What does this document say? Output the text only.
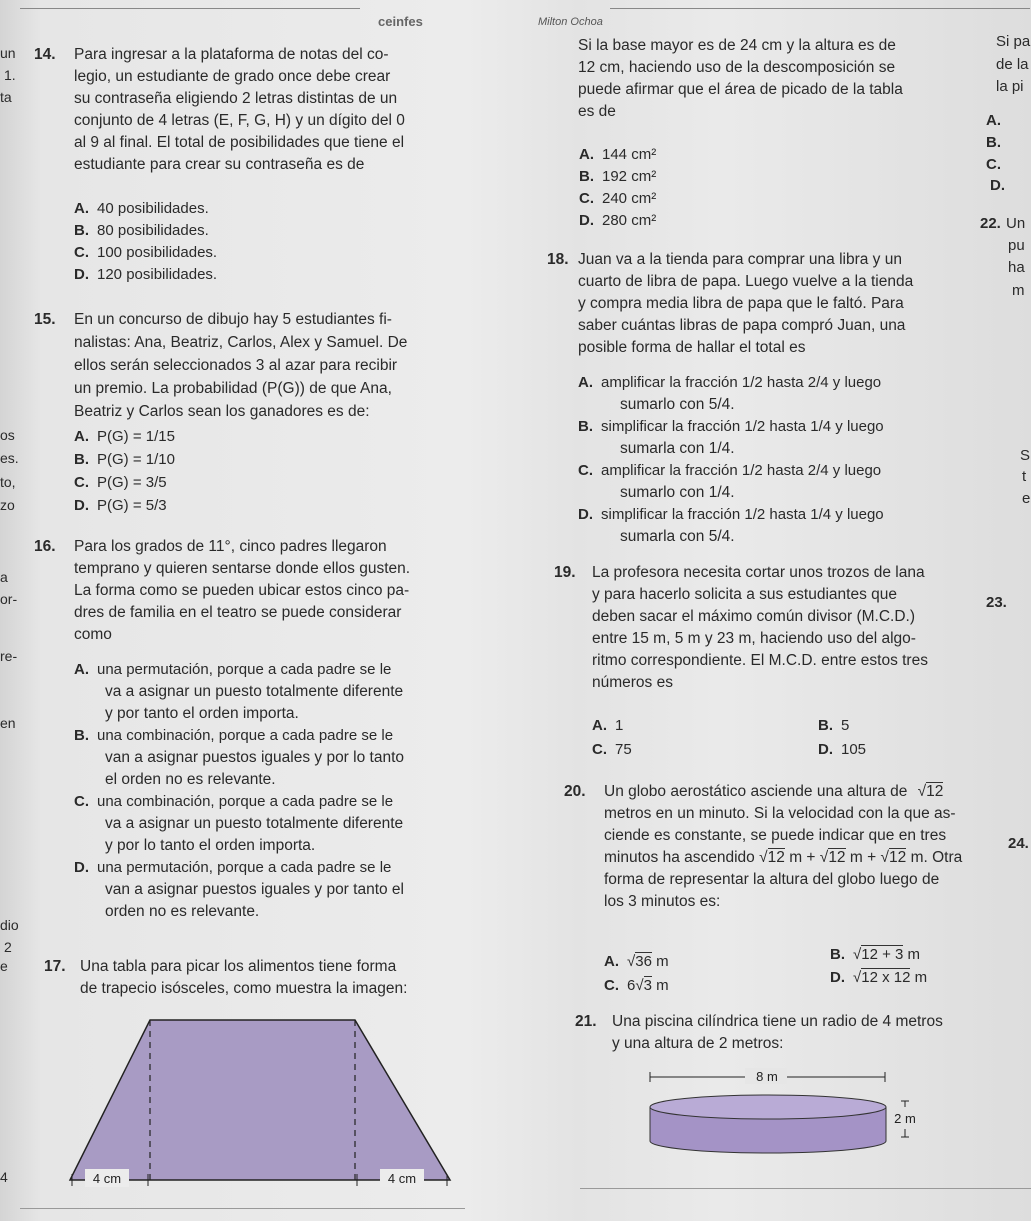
ceinfes	Milton Ochoa
un
1.
ta
os
es.
to,
zo
a
or-
re-
en
dio
2
e
4
14. Para ingresar a la plataforma de notas del co-
legio, un estudiante de grado once debe crear
su contraseña eligiendo 2 letras distintas de un
conjunto de 4 letras (E, F, G, H) y un dígito del 0
al 9 al final. El total de posibilidades que tiene el
estudiante para crear su contraseña es de
A. 40 posibilidades.
B. 80 posibilidades.
C. 100 posibilidades.
D. 120 posibilidades.
15. En un concurso de dibujo hay 5 estudiantes fi-
nalistas: Ana, Beatriz, Carlos, Alex y Samuel. De
ellos serán seleccionados 3 al azar para recibir
un premio. La probabilidad (P(G)) de que Ana,
Beatriz y Carlos sean los ganadores es de:
A. P(G) = 1/15
B. P(G) = 1/10
C. P(G) = 3/5
D. P(G) = 5/3
16. Para los grados de 11°, cinco padres llegaron
temprano y quieren sentarse donde ellos gusten.
La forma como se pueden ubicar estos cinco pa-
dres de familia en el teatro se puede considerar
como
A. una permutación, porque a cada padre se le
va a asignar un puesto totalmente diferente
y por tanto el orden importa.
B. una combinación, porque a cada padre se le
van a asignar puestos iguales y por lo tanto
el orden no es relevante.
C. una combinación, porque a cada padre se le
va a asignar un puesto totalmente diferente
y por lo tanto el orden importa.
D. una permutación, porque a cada padre se le
van a asignar puestos iguales y por tanto el
orden no es relevante.
17. Una tabla para picar los alimentos tiene forma
de trapecio isósceles, como muestra la imagen:
4 cm	4 cm
Si la base mayor es de 24 cm y la altura es de
12 cm, haciendo uso de la descomposición se
puede afirmar que el área de picado de la tabla
es de
A. 144 cm²
B. 192 cm²
C. 240 cm²
D. 280 cm²
18. Juan va a la tienda para comprar una libra y un
cuarto de libra de papa. Luego vuelve a la tienda
y compra media libra de papa que le faltó. Para
saber cuántas libras de papa compró Juan, una
posible forma de hallar el total es
A. amplificar la fracción 1/2 hasta 2/4 y luego
sumarlo con 5/4.
B. simplificar la fracción 1/2 hasta 1/4 y luego
sumarla con 1/4.
C. amplificar la fracción 1/2 hasta 2/4 y luego
sumarlo con 1/4.
D. simplificar la fracción 1/2 hasta 1/4 y luego
sumarla con 5/4.
19. La profesora necesita cortar unos trozos de lana
y para hacerlo solicita a sus estudiantes que
deben sacar el máximo común divisor (M.C.D.)
entre 15 m, 5 m y 23 m, haciendo uso del algo-
ritmo correspondiente. El M.C.D. entre estos tres
números es
A. 1	B. 5
C. 75	D. 105
20. Un globo aerostático asciende una altura de √12
metros en un minuto. Si la velocidad con la que as-
ciende es constante, se puede indicar que en tres
minutos ha ascendido √12 m + √12 m + √12 m. Otra
forma de representar la altura del globo luego de
los 3 minutos es:
A. √36 m	B. √12 + 3 m
C. 6√3 m	D. √12 x 12 m
21. Una piscina cilíndrica tiene un radio de 4 metros
y una altura de 2 metros:
8 m
2 m
Si pa
de la
la pi
A.
B.
C.
D.
22. Un
pu
ha
m
S
t
e
23.
24.
